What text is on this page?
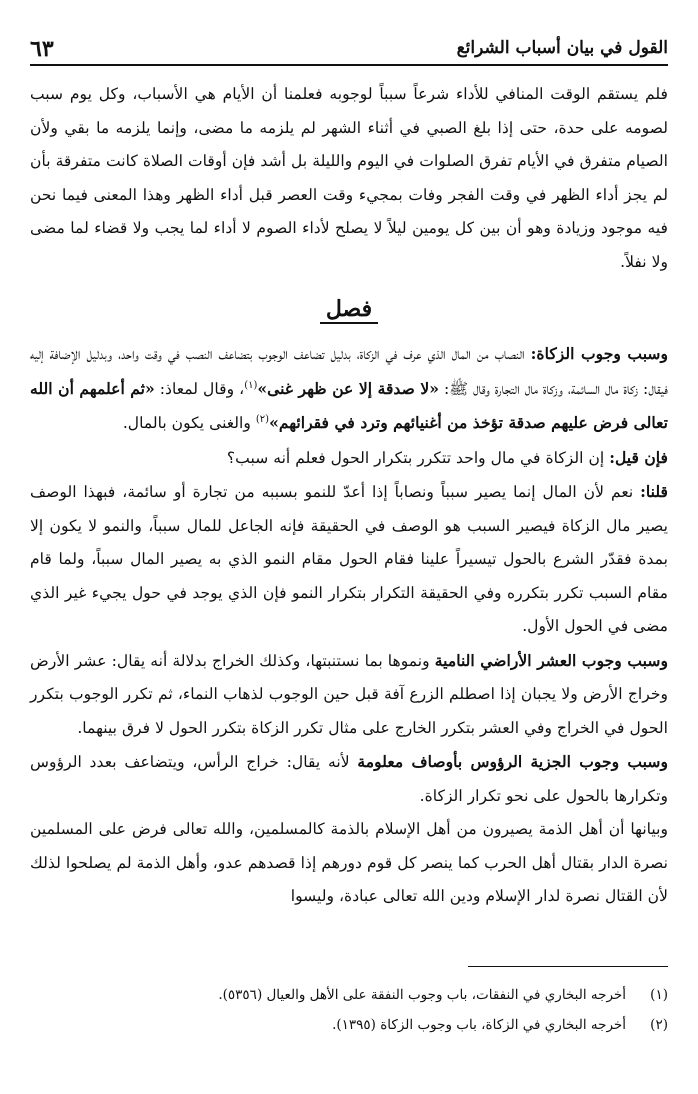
القول في بيان أسباب الشرائع
٦٣

فلم يستقم الوقت المنافي للأداء شرعاً سبباً لوجوبه فعلمنا أن الأيام هي الأسباب، وكل يوم سبب لصومه على حدة، حتى إذا بلغ الصبي في أثناء الشهر لم يلزمه ما مضى، وإنما يلزمه ما بقي ولأن الصيام متفرق في الأيام تفرق الصلوات في اليوم والليلة بل أشد فإن أوقات الصلاة كانت متفرقة بأن لم يجز أداء الظهر في وقت الفجر وفات بمجيء وقت العصر قبل أداء الظهر وهذا المعنى فيما نحن فيه موجود وزيادة وهو أن بين كل يومين ليلاً لا يصلح لأداء الصوم لا أداء لما يجب ولا قضاء لما مضى ولا نفلاً.

فصل

وسبب وجوب الزكاة: النصاب من المال الذي عرف في الزكاة، بدليل تضاعف الوجوب بتضاعف النصب في وقت واحد، وبدليل الإضافة إليه فيقال: زكاة مال السائمة، وزكاة مال التجارة وقال ﷺ: «لا صدقة إلا عن ظهر غنى»$^{(١)}$، وقال لمعاذ: «ثم أعلمهم أن الله تعالى فرض عليهم صدقة تؤخذ من أغنيائهم وترد في فقرائهم»$^{(٢)}$ والغنى يكون بالمال.

فإن قيل: إن الزكاة في مال واحد تتكرر بتكرار الحول فعلم أنه سبب؟

قلنا: نعم لأن المال إنما يصير سبباً ونصاباً إذا أعدّ للنمو بسببه من تجارة أو سائمة، فبهذا الوصف يصير مال الزكاة فيصير السبب هو الوصف في الحقيقة فإنه الجاعل للمال سبباً، والنمو لا يكون إلا بمدة فقدّر الشرع بالحول تيسيراً علينا فقام الحول مقام النمو الذي به يصير المال سبباً، ولما قام مقام السبب تكرر بتكرره وفي الحقيقة التكرار بتكرار النمو فإن الذي يوجد في حول يجيء غير الذي مضى في الحول الأول.

وسبب وجوب العشر الأراضي النامية ونموها بما نستنبتها، وكذلك الخراج بدلالة أنه يقال: عشر الأرض وخراج الأرض ولا يجبان إذا اصطلم الزرع آفة قبل حين الوجوب لذهاب النماء، ثم تكرر الوجوب بتكرر الحول في الخراج وفي العشر بتكرر الخارج على مثال تكرر الزكاة بتكرر الحول لا فرق بينهما.

وسبب وجوب الجزية الرؤوس بأوصاف معلومة لأنه يقال: خراج الرأس، ويتضاعف بعدد الرؤوس وتكرارها بالحول على نحو تكرار الزكاة.

وبيانها أن أهل الذمة يصيرون من أهل الإسلام بالذمة كالمسلمين، والله تعالى فرض على المسلمين نصرة الدار بقتال أهل الحرب كما ينصر كل قوم دورهم إذا قصدهم عدو، وأهل الذمة لم يصلحوا لذلك لأن القتال نصرة لدار الإسلام ودين الله تعالى عبادة، وليسوا

(١)
أخرجه البخاري في النفقات، باب وجوب النفقة على الأهل والعيال (٥٣٥٦).
(٢)
أخرجه البخاري في الزكاة، باب وجوب الزكاة (١٣٩٥).
